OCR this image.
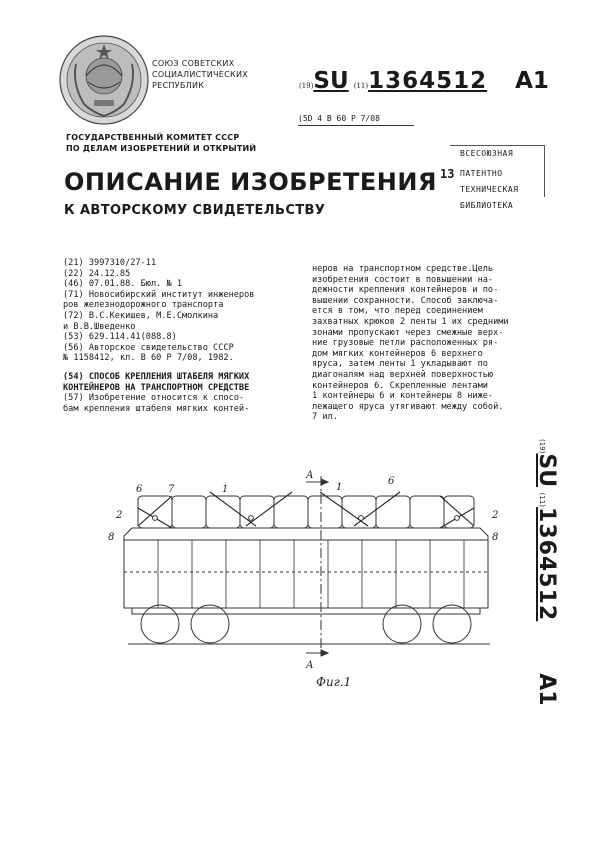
СОЮЗ СОВЕТСКИХ
СОЦИАЛИСТИЧЕСКИХ
РЕСПУБЛИК	(19)SU (11)1364512 A1
(5D 4 B 60 P 7/08
ГОСУДАРСТВЕННЫЙ КОМИТЕТ СССР
ПО ДЕЛАМ ИЗОБРЕТЕНИЙ И ОТКРЫТИЙ
13
ВСЕСОЮЗНАЯ
ПАТЕНТНО
ТЕХНИЧЕСКАЯ
БИБЛИОТЕКА
ОПИСАНИЕ ИЗОБРЕТЕНИЯ
К АВТОРСКОМУ СВИДЕТЕЛЬСТВУ
(21) 3997310/27-11
(22) 24.12.85
(46) 07.01.88. Бюл. № 1
(71) Новосибирский институт инженеров
ров железнодорожного транспорта
(72) В.С.Кекишев, М.Е.Смолкина
и В.В.Шведенко
(53) 629.114.41(088.8)
(56) Авторское свидетельство СССР
№ 1158412, кл. В 60 Р 7/08, 1982.
(54) СПОСОБ КРЕПЛЕНИЯ ШТАБЕЛЯ МЯГКИХ
КОНТЕЙНЕРОВ НА ТРАНСПОРТНОМ СРЕДСТВЕ
(57) Изобретение относится к спосо-
бам крепления штабеля мягких контей-
неров на транспортном средстве.Цель
изобретения состоит в повышении на-
дежности крепления контейнеров и по-
вышении сохранности. Способ заключа-
ется в том, что перед соединением
захватных крюков 2 ленты 1 их средними
зонами пропускают через смежные верх-
ние грузовые петли расположенных ря-
дом мягких контейнеров 6 верхнего
яруса, затем ленты 1 укладывают по
диагоналям над верхней поверхностью
контейнеров 6. Скрепленные лентами
1 контейнеры 6 и контейнеры 8 ниже-
лежащего яруса утягивают между собой.
7 ил.
(19)SU (11)1364512A1
А
А
6	7	1	1
6
2	2
8	8
Фиг.1
